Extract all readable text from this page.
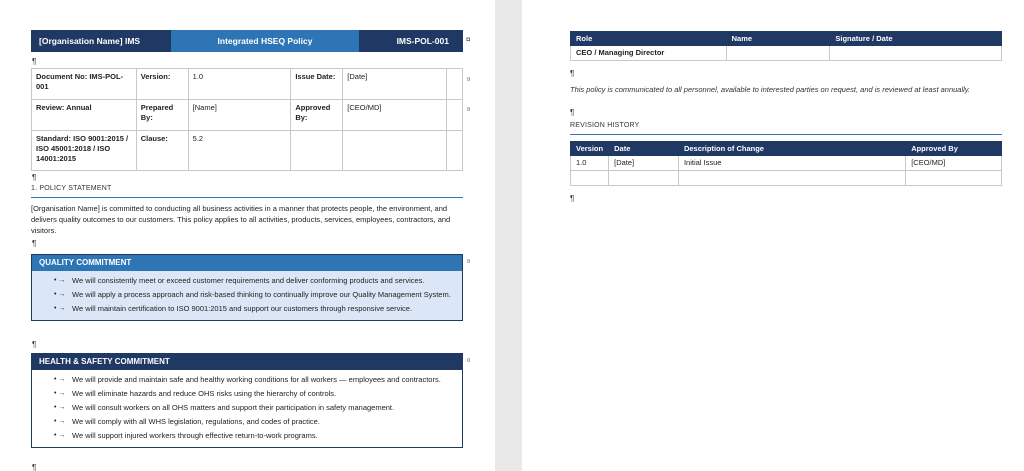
[Organisation Name] IMS	Integrated HSEQ Policy	IMS-POL-001	¤
¶
Document No: IMS-POL-001	Version:	1.0	Issue Date:	[Date]	
Review: Annual	Prepared By:	[Name]	Approved By:	[CEO/MD]	
Standard: ISO 9001:2015 / ISO 45001:2018 / ISO 14001:2015	Clause:	5.2			
¤
¤
¶
1. POLICY STATEMENT
[Organisation Name] is committed to conducting all business activities in a manner that protects people, the environment, and delivers quality outcomes to our customers. This policy applies to all activities, products, services, employees, contractors, and visitors.
¶
QUALITY COMMITMENT
• → We will consistently meet or exceed customer requirements and deliver conforming products and services.
• → We will apply a process approach and risk-based thinking to continually improve our Quality Management System.
• → We will maintain certification to ISO 9001:2015 and support our customers through responsive service.
¤
¶
HEALTH & SAFETY COMMITMENT
• → We will provide and maintain safe and healthy working conditions for all workers — employees and contractors.
• → We will eliminate hazards and reduce OHS risks using the hierarchy of controls.
• → We will consult workers on all OHS matters and support their participation in safety management.
• → We will comply with all WHS legislation, regulations, and codes of practice.
• → We will support injured workers through effective return-to-work programs.
¤
¶
Role	Name	Signature / Date
CEO / Managing Director		
¶
This policy is communicated to all personnel, available to interested parties on request, and is reviewed at least annually.
¶
REVISION HISTORY
Version	Date	Description of Change	Approved By
1.0	[Date]	Initial Issue	[CEO/MD]

¶
